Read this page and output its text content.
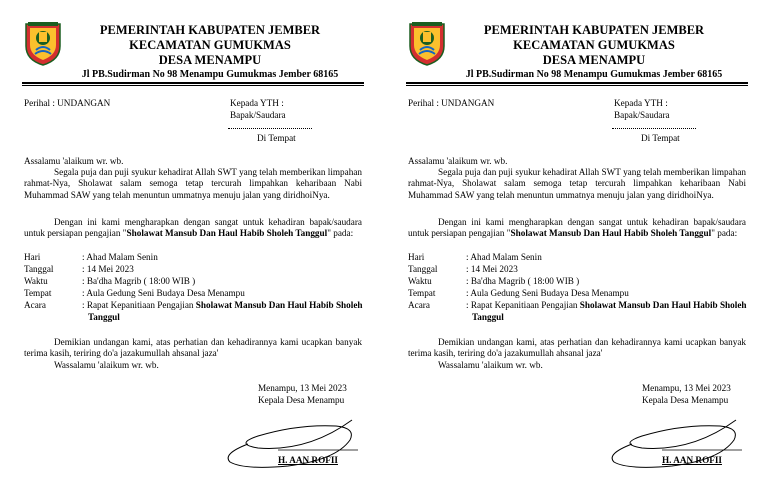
PEMERINTAH KABUPATEN JEMBER
KECAMATAN GUMUKMAS
DESA MENAMPU
Jl PB.Sudirman No 98 Menampu Gumukmas Jember 68165
Perihal : UNDANGAN	Kepada YTH :
Bapak/Saudara
Di Tempat
Assalamu 'alaikum wr. wb.
Segala puja dan puji syukur kehadirat Allah SWT yang telah memberikan limpahan rahmat-Nya, Sholawat salam semoga tetap tercurah limpahkan keharibaan Nabi Muhammad SAW yang telah menuntun ummatnya menuju jalan yang diridhoiNya.
Dengan ini kami mengharapkan dengan sangat untuk kehadiran bapak/saudara untuk persiapan pengajian "Sholawat Mansub Dan Haul Habib Sholeh Tanggul" pada:
Hari	: Ahad Malam Senin
Tanggal	: 14 Mei 2023
Waktu	: Ba'dha Magrib ( 18:00 WIB )
Tempat	: Aula Gedung Seni Budaya Desa Menampu
Acara	: Rapat Kepanitiaan Pengajian Sholawat Mansub Dan Haul Habib Sholeh
Tanggul
Demikian undangan kami, atas perhatian dan kehadirannya kami ucapkan banyak terima kasih, teriring do'a jazakumullah ahsanal jaza'
Wassalamu 'alaikum wr. wb.
Menampu, 13 Mei 2023
Kepala Desa Menampu
H. AAN ROFII
PEMERINTAH KABUPATEN JEMBER
KECAMATAN GUMUKMAS
DESA MENAMPU
Jl PB.Sudirman No 98 Menampu Gumukmas Jember 68165
Perihal : UNDANGAN	Kepada YTH :
Bapak/Saudara
Di Tempat
Assalamu 'alaikum wr. wb.
Segala puja dan puji syukur kehadirat Allah SWT yang telah memberikan limpahan rahmat-Nya, Sholawat salam semoga tetap tercurah limpahkan keharibaan Nabi Muhammad SAW yang telah menuntun ummatnya menuju jalan yang diridhoiNya.
Dengan ini kami mengharapkan dengan sangat untuk kehadiran bapak/saudara untuk persiapan pengajian "Sholawat Mansub Dan Haul Habib Sholeh Tanggul" pada:
Hari	: Ahad Malam Senin
Tanggal	: 14 Mei 2023
Waktu	: Ba'dha Magrib ( 18:00 WIB )
Tempat	: Aula Gedung Seni Budaya Desa Menampu
Acara	: Rapat Kepanitiaan Pengajian Sholawat Mansub Dan Haul Habib Sholeh
Tanggul
Demikian undangan kami, atas perhatian dan kehadirannya kami ucapkan banyak terima kasih, teriring do'a jazakumullah ahsanal jaza'
Wassalamu 'alaikum wr. wb.
Menampu, 13 Mei 2023
Kepala Desa Menampu
H. AAN ROFII
